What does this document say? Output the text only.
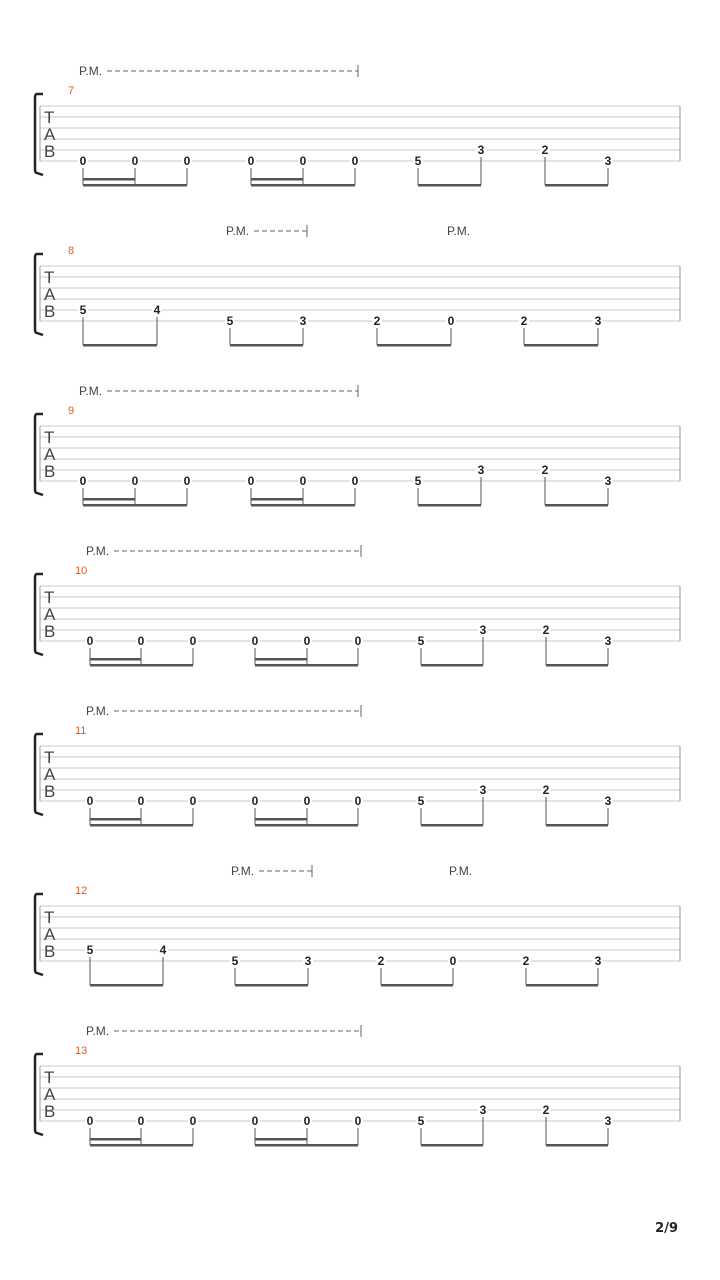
T
A
B
7
0	0	0	0	0	0	5
3	2
3
P.M.
T
A
B
8
5	4
5	3	2	0	2	3
P.M.	P.M.
T
A
B
9
0	0	0	0	0	0	5
3	2
3
P.M.
T
A
B
10
0	0	0	0	0	0	5
3	2
3
P.M.
T
A
B
11
0	0	0	0	0	0	5
3	2
3
P.M.
T
A
B
12
5	4
5	3	2	0	2	3
P.M.	P.M.
T
A
B
13
0	0	0	0	0	0	5
3	2
3
P.M.
2/9
